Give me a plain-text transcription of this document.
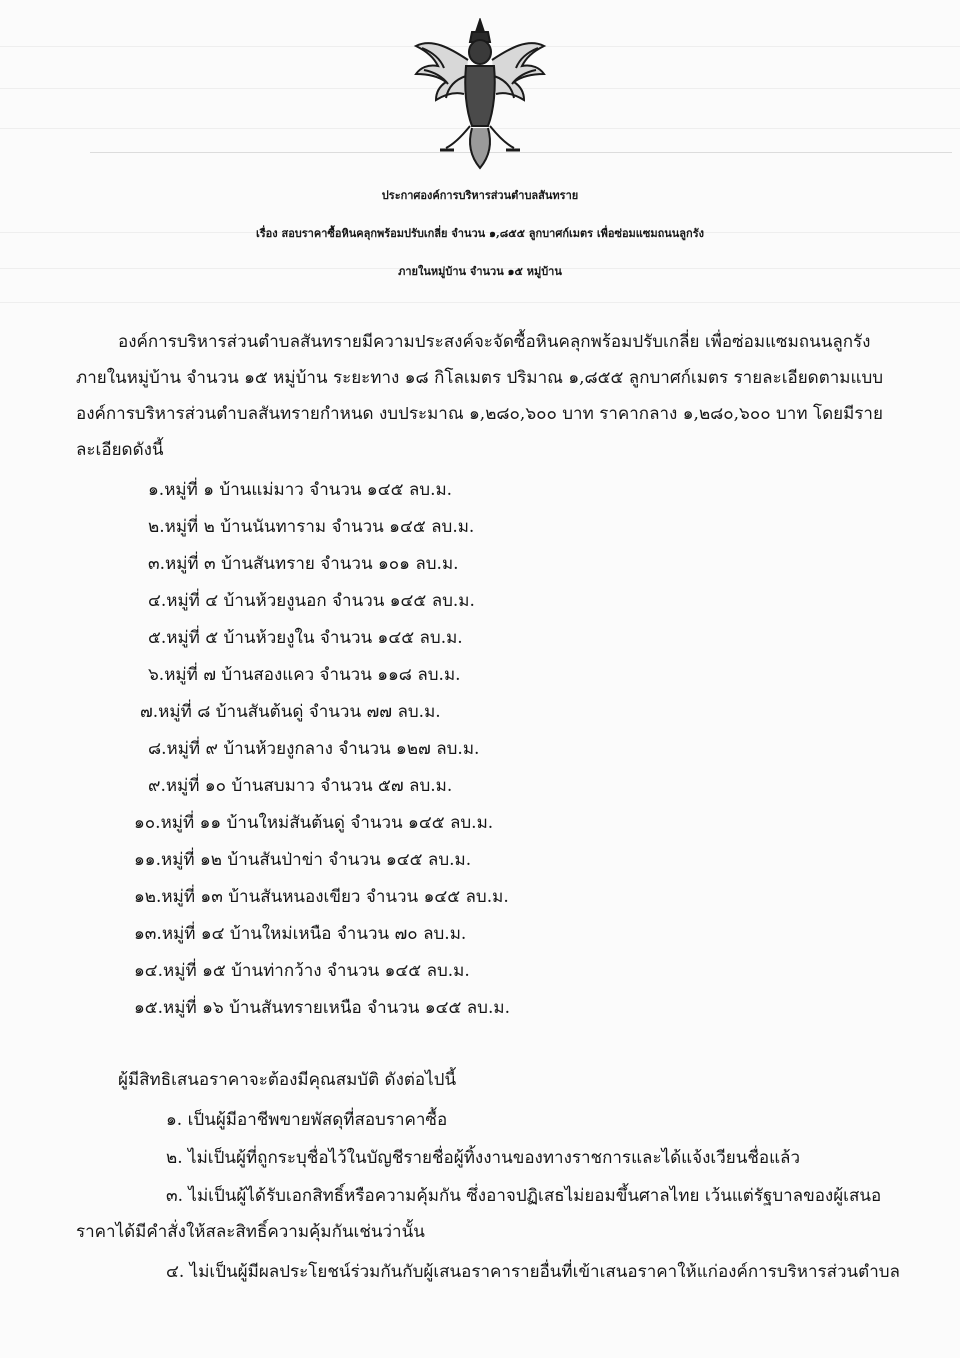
ประกาศองค์การบริหารส่วนตำบลสันทราย
เรื่อง สอบราคาซื้อหินคลุกพร้อมปรับเกลี่ย จำนวน ๑,๘๕๕ ลูกบาศก์เมตร เพื่อซ่อมแซมถนนลูกรัง
ภายในหมู่บ้าน จำนวน ๑๕ หมู่บ้าน
องค์การบริหารส่วนตำบลสันทรายมีความประสงค์จะจัดซื้อหินคลุกพร้อมปรับเกลี่ย เพื่อซ่อมแซมถนนลูกรัง
ภายในหมู่บ้าน จำนวน ๑๕ หมู่บ้าน ระยะทาง ๑๘ กิโลเมตร ปริมาณ ๑,๘๕๕ ลูกบาศก์เมตร รายละเอียดตามแบบ
องค์การบริหารส่วนตำบลสันทรายกำหนด งบประมาณ ๑,๒๘๐,๖๐๐ บาท ราคากลาง ๑,๒๘๐,๖๐๐ บาท โดยมีราย
ละเอียดดังนี้
๑.หมู่ที่ ๑ บ้านแม่มาว จำนวน ๑๔๕ ลบ.ม.
๒.หมู่ที่ ๒ บ้านนันทาราม จำนวน ๑๔๕ ลบ.ม.
๓.หมู่ที่ ๓ บ้านสันทราย จำนวน ๑๐๑ ลบ.ม.
๔.หมู่ที่ ๔ บ้านห้วยงูนอก จำนวน ๑๔๕ ลบ.ม.
๕.หมู่ที่ ๕ บ้านห้วยงูใน จำนวน ๑๔๕ ลบ.ม.
๖.หมู่ที่ ๗ บ้านสองแคว จำนวน ๑๑๘ ลบ.ม.
๗.หมู่ที่ ๘ บ้านสันต้นดู่ จำนวน ๗๗ ลบ.ม.
๘.หมู่ที่ ๙ บ้านห้วยงูกลาง จำนวน ๑๒๗ ลบ.ม.
๙.หมู่ที่ ๑๐ บ้านสบมาว จำนวน ๕๗ ลบ.ม.
๑๐.หมู่ที่ ๑๑ บ้านใหม่สันต้นดู่ จำนวน ๑๔๕ ลบ.ม.
๑๑.หมู่ที่ ๑๒ บ้านสันป่าข่า จำนวน ๑๔๕ ลบ.ม.
๑๒.หมู่ที่ ๑๓ บ้านสันหนองเขียว จำนวน ๑๔๕ ลบ.ม.
๑๓.หมู่ที่ ๑๔ บ้านใหม่เหนือ จำนวน ๗๐ ลบ.ม.
๑๔.หมู่ที่ ๑๕ บ้านท่ากว้าง จำนวน ๑๔๕ ลบ.ม.
๑๕.หมู่ที่ ๑๖ บ้านสันทรายเหนือ จำนวน ๑๔๕ ลบ.ม.
ผู้มีสิทธิเสนอราคาจะต้องมีคุณสมบัติ ดังต่อไปนี้
๑. เป็นผู้มีอาชีพขายพัสดุที่สอบราคาซื้อ
๒. ไม่เป็นผู้ที่ถูกระบุชื่อไว้ในบัญชีรายชื่อผู้ทิ้งงานของทางราชการและได้แจ้งเวียนชื่อแล้ว
๓. ไม่เป็นผู้ได้รับเอกสิทธิ์หรือความคุ้มกัน ซึ่งอาจปฏิเสธไม่ยอมขึ้นศาลไทย เว้นแต่รัฐบาลของผู้เสนอ
ราคาได้มีคำสั่งให้สละสิทธิ์ความคุ้มกันเช่นว่านั้น
๔. ไม่เป็นผู้มีผลประโยชน์ร่วมกันกับผู้เสนอราคารายอื่นที่เข้าเสนอราคาให้แก่องค์การบริหารส่วนตำบล
